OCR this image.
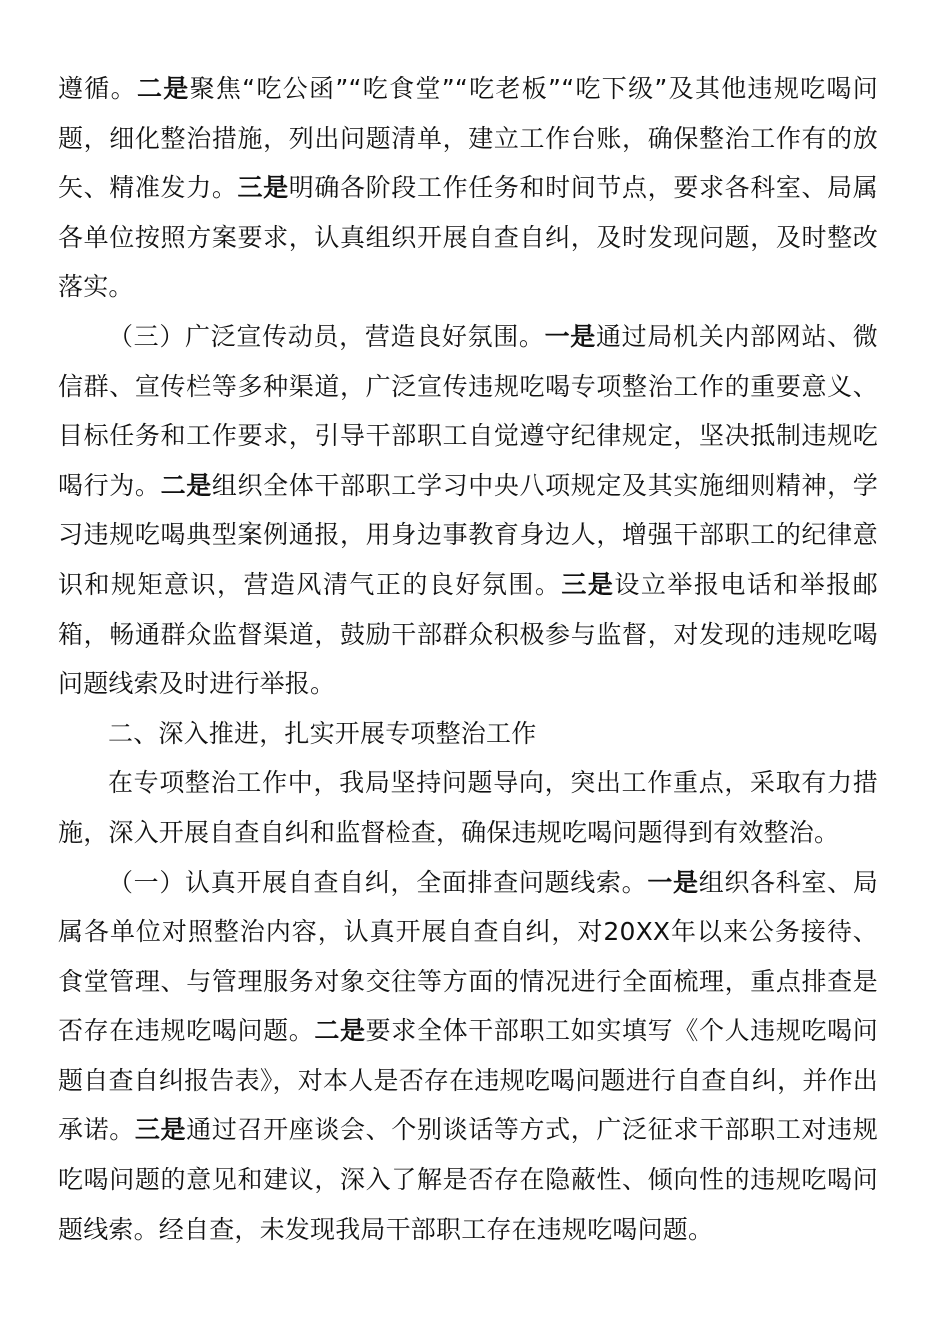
遵循。二是聚焦“吃公函”“吃食堂”“吃老板”“吃下级”及其他违规吃喝问题，细化整治措施，列出问题清单，建立工作台账，确保整治工作有的放矢、精准发力。三是明确各阶段工作任务和时间节点，要求各科室、局属各单位按照方案要求，认真组织开展自查自纠，及时发现问题，及时整改落实。

（三）广泛宣传动员，营造良好氛围。一是通过局机关内部网站、微信群、宣传栏等多种渠道，广泛宣传违规吃喝专项整治工作的重要意义、目标任务和工作要求，引导干部职工自觉遵守纪律规定，坚决抵制违规吃喝行为。二是组织全体干部职工学习中央八项规定及其实施细则精神，学习违规吃喝典型案例通报，用身边事教育身边人，增强干部职工的纪律意识和规矩意识，营造风清气正的良好氛围。三是设立举报电话和举报邮箱，畅通群众监督渠道，鼓励干部群众积极参与监督，对发现的违规吃喝问题线索及时进行举报。

二、深入推进，扎实开展专项整治工作

在专项整治工作中，我局坚持问题导向，突出工作重点，采取有力措施，深入开展自查自纠和监督检查，确保违规吃喝问题得到有效整治。

（一）认真开展自查自纠，全面排查问题线索。一是组织各科室、局属各单位对照整治内容，认真开展自查自纠，对20XX年以来公务接待、食堂管理、与管理服务对象交往等方面的情况进行全面梳理，重点排查是否存在违规吃喝问题。二是要求全体干部职工如实填写《个人违规吃喝问题自查自纠报告表》，对本人是否存在违规吃喝问题进行自查自纠，并作出承诺。三是通过召开座谈会、个别谈话等方式，广泛征求干部职工对违规吃喝问题的意见和建议，深入了解是否存在隐蔽性、倾向性的违规吃喝问题线索。经自查，未发现我局干部职工存在违规吃喝问题。
